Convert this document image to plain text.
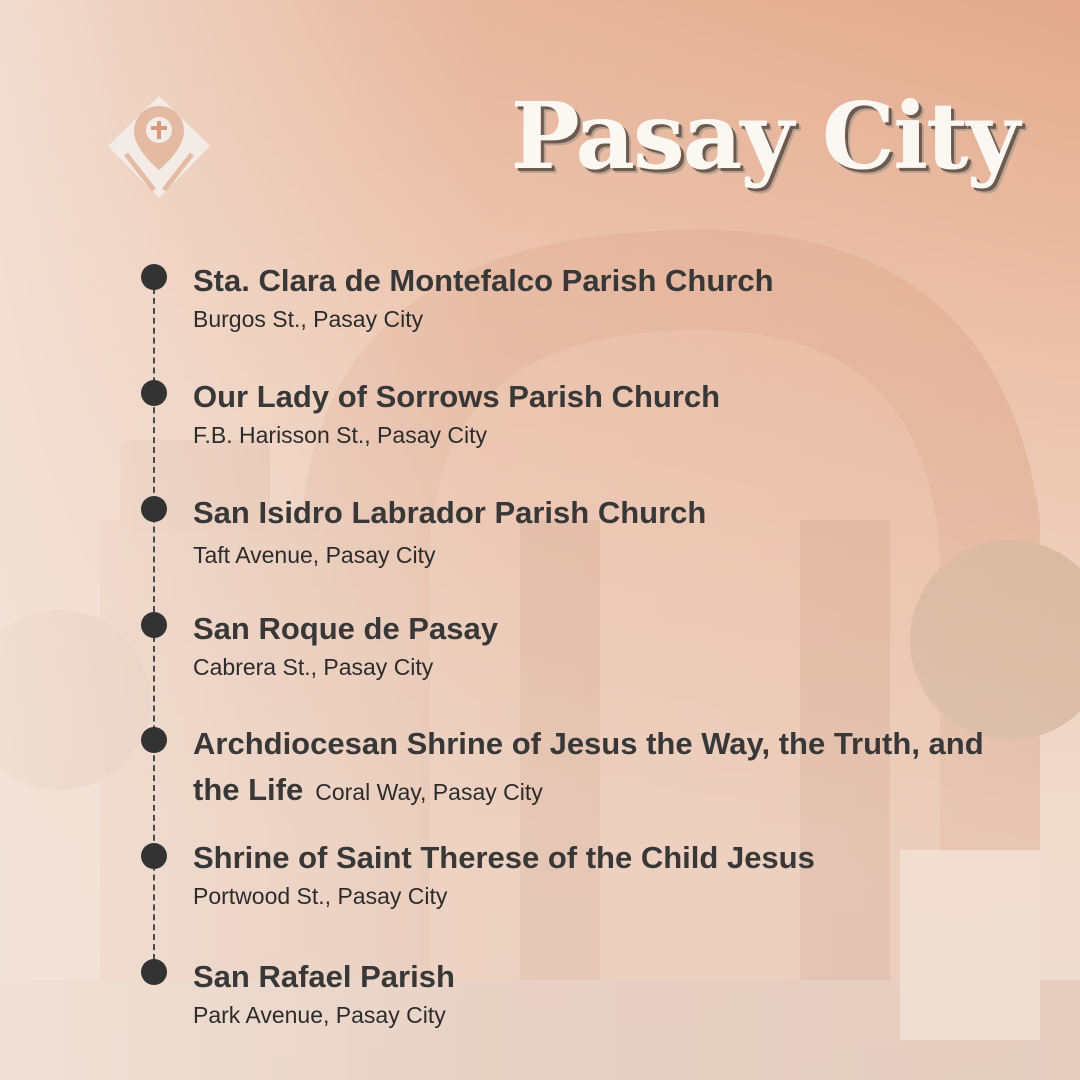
Pasay City
Sta. Clara de Montefalco Parish Church
Burgos St., Pasay City
Our Lady of Sorrows Parish Church
F.B. Harisson St., Pasay City
San Isidro Labrador Parish Church
Taft Avenue, Pasay City
San Roque de Pasay
Cabrera St., Pasay City
Archdiocesan Shrine of Jesus the Way, the Truth, and the Life Coral Way, Pasay City
Shrine of Saint Therese of the Child Jesus
Portwood St., Pasay City
San Rafael Parish
Park Avenue, Pasay City
